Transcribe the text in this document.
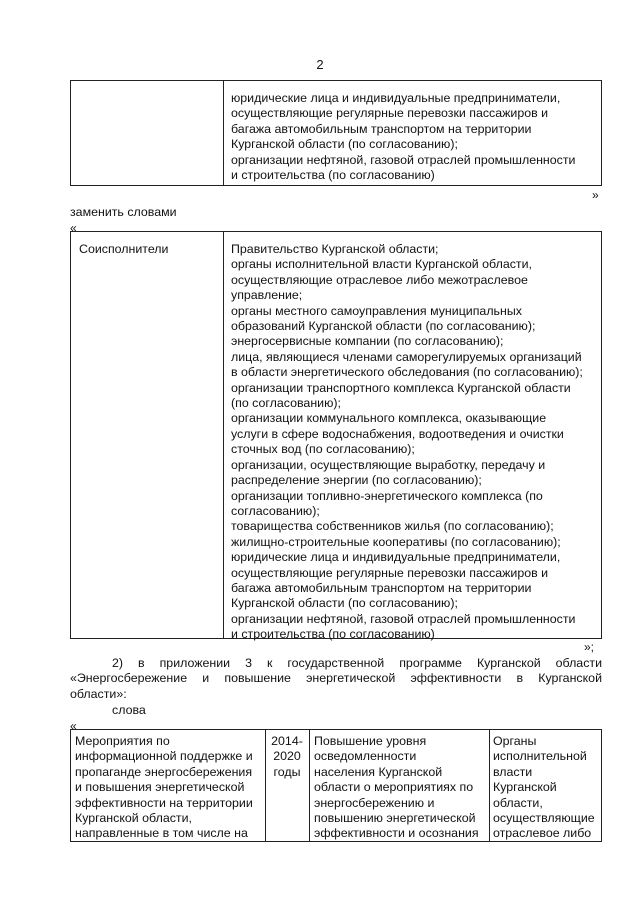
2
юридические лица и индивидуальные предприниматели,
осуществляющие регулярные перевозки пассажиров и
багажа автомобильным транспортом на территории
Курганской области (по согласованию);
организации нефтяной, газовой отраслей промышленности
и строительства (по согласованию)
»
заменить словами
«
Соисполнители	Правительство Курганской области;
органы исполнительной власти Курганской области,
осуществляющие отраслевое либо межотраслевое
управление;
органы местного самоуправления муниципальных
образований Курганской области (по согласованию);
энергосервисные компании (по согласованию);
лица, являющиеся членами саморегулируемых организаций
в области энергетического обследования (по согласованию);
организации транспортного комплекса Курганской области
(по согласованию);
организации коммунального комплекса, оказывающие
услуги в сфере водоснабжения, водоотведения и очистки
сточных вод (по согласованию);
организации, осуществляющие выработку, передачу и
распределение энергии (по согласованию);
организации топливно-энергетического комплекса (по
согласованию);
товарищества собственников жилья (по согласованию);
жилищно-строительные кооперативы (по согласованию);
юридические лица и индивидуальные предприниматели,
осуществляющие регулярные перевозки пассажиров и
багажа автомобильным транспортом на территории
Курганской области (по согласованию);
организации нефтяной, газовой отраслей промышленности
и строительства (по согласованию)
»;
2) в приложении 3 к государственной программе Курганской области
«Энергосбережение и повышение энергетической эффективности в Курганской
области»:
слова
«
Мероприятия по
информационной поддержке и
пропаганде энергосбережения
и повышения энергетической
эффективности на территории
Курганской области,
направленные в том числе на
2014-
2020
годы
Повышение уровня
осведомленности
населения Курганской
области о мероприятиях по
энергосбережению и
повышению энергетической
эффективности и осознания
Органы
исполнительной
власти
Курганской
области,
осуществляющие
отраслевое либо
